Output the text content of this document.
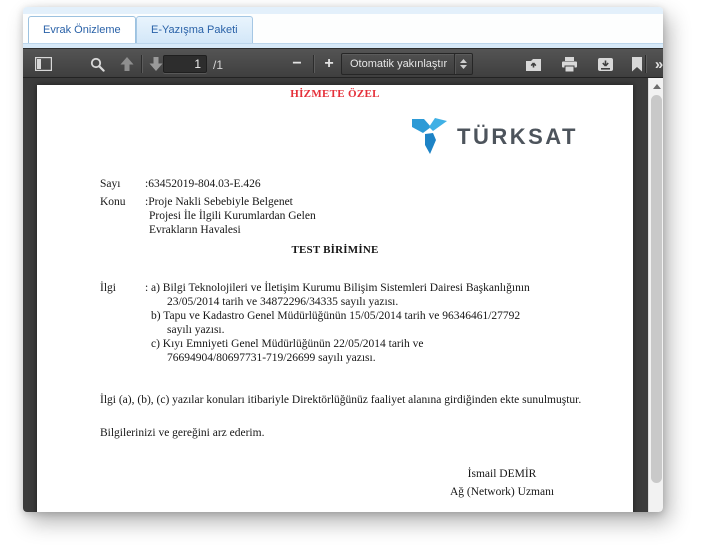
Evrak Önizleme	E-Yazışma Paketi
1
/1	− +	Otomatik yakınlaştır	»
HİZMETE ÖZEL
TÜRKSAT
Sayı :63452019-804.03-E.426
Konu :Proje Nakli Sebebiyle Belgenet
Projesi İle İlgili Kurumlardan Gelen
Evrakların Havalesi
TEST BİRİMİNE
İlgi	: a) Bilgi Teknolojileri ve İletişim Kurumu Bilişim Sistemleri Dairesi Başkanlığının
23/05/2014 tarih ve 34872296/34335 sayılı yazısı.
b) Tapu ve Kadastro Genel Müdürlüğünün 15/05/2014 tarih ve 96346461/27792
sayılı yazısı.
c) Kıyı Emniyeti Genel Müdürlüğünün 22/05/2014 tarih ve
76694904/80697731-719/26699 sayılı yazısı.
İlgi (a), (b), (c) yazılar konuları itibariyle Direktörlüğünüz faaliyet alanına girdiğinden ekte sunulmuştur.
Bilgilerinizi ve gereğini arz ederim.
İsmail DEMİR
Ağ (Network) Uzmanı
